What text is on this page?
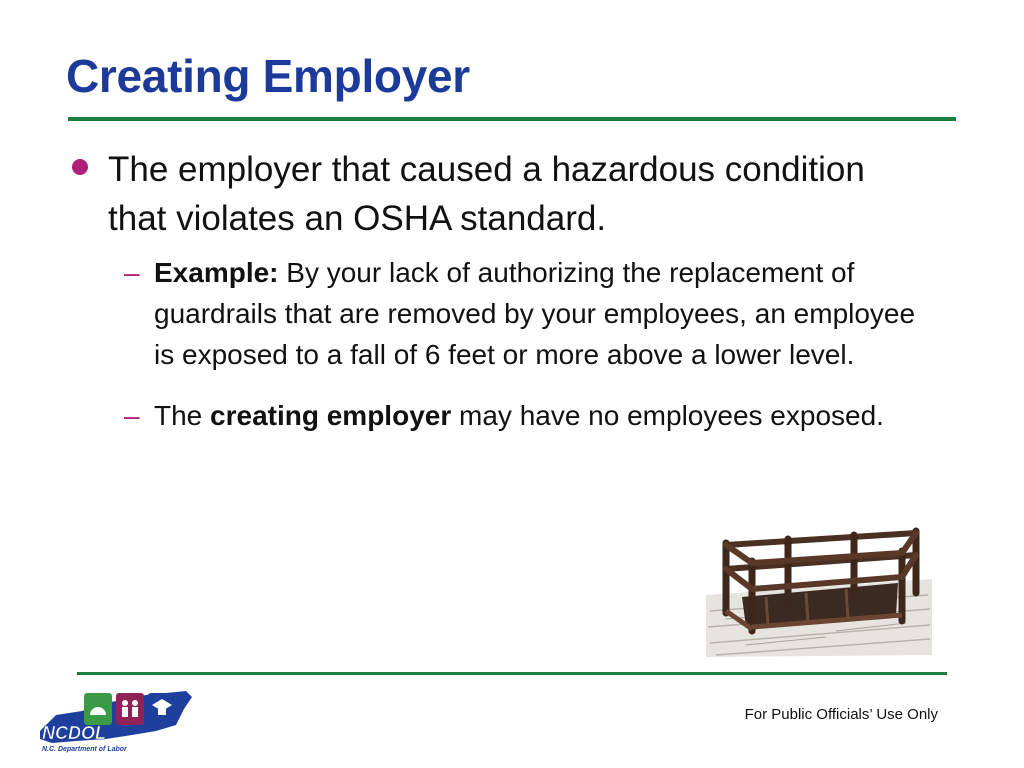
Creating Employer
The employer that caused a hazardous condition that violates an OSHA standard.
– Example: By your lack of authorizing the replacement of guardrails that are removed by your employees, an employee is exposed to a fall of 6 feet or more above a lower level.
– The creating employer may have no employees exposed.
NCDOL
N.C. Department of Labor
For Public Officials’ Use Only
